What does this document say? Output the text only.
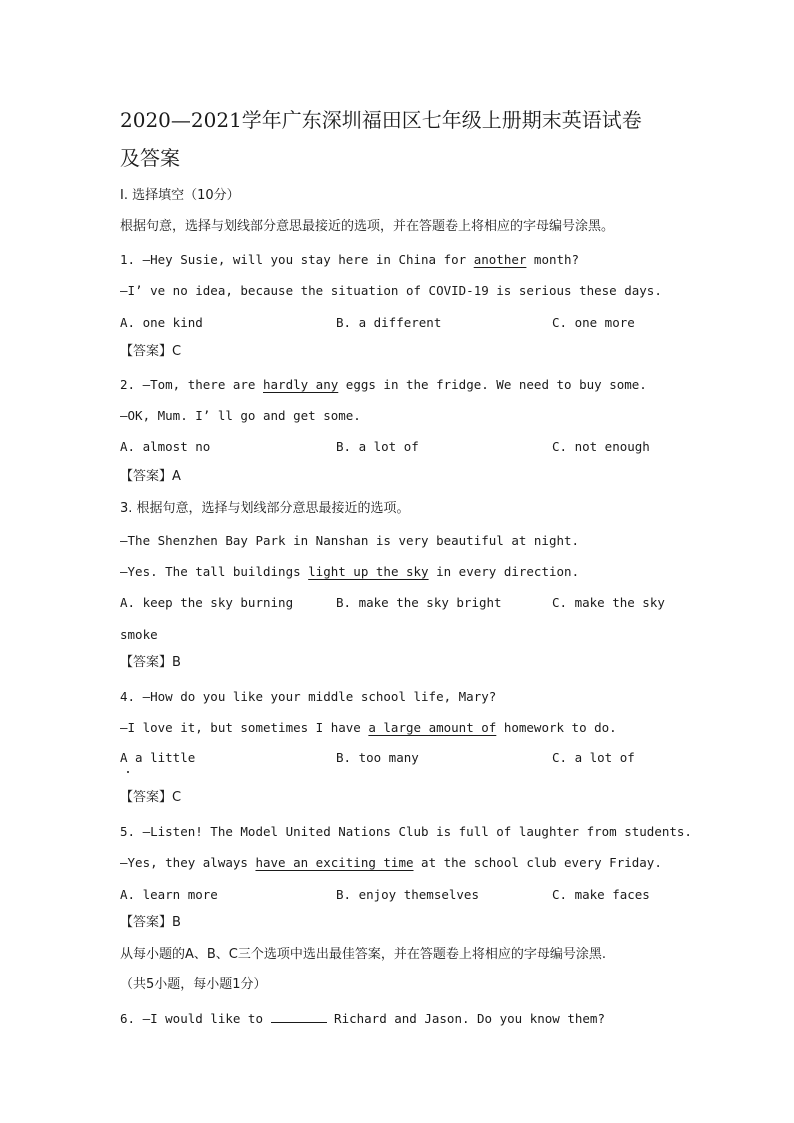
2020—2021学年广东深圳福田区七年级上册期末英语试卷
及答案
Ⅰ. 选择填空（10分）
根据句意，选择与划线部分意思最接近的选项，并在答题卷上将相应的字母编号涂黑。
1. —Hey Susie, will you stay here in China for another month?
—I’ ve no idea, because the situation of COVID-19 is serious these days.
A. one kind	B. a different	C. one more
【答案】C
2. —Tom, there are hardly any eggs in the fridge. We need to buy some.
—OK, Mum. I’ ll go and get some.
A. almost no	B. a lot of	C. not enough
【答案】A
3. 根据句意，选择与划线部分意思最接近的选项。
—The Shenzhen Bay Park in Nanshan is very beautiful at night.
—Yes. The tall buildings light up the sky in every direction.
A. keep the sky burning	B. make the sky bright	C. make the sky
smoke
【答案】B
4. —How do you like your middle school life, Mary?
—I love it, but sometimes I have a large amount of homework to do.
A a little	B. too many	C. a lot of
【答案】C
5. —Listen! The Model United Nations Club is full of laughter from students.
—Yes, they always have an exciting time at the school club every Friday.
A. learn more	B. enjoy themselves	C. make faces
【答案】B
从每小题的A、B、C三个选项中选出最佳答案，并在答题卷上将相应的字母编号涂黑.
（共5小题，每小题1分）
6. —I would like to	Richard and Jason. Do you know them?
